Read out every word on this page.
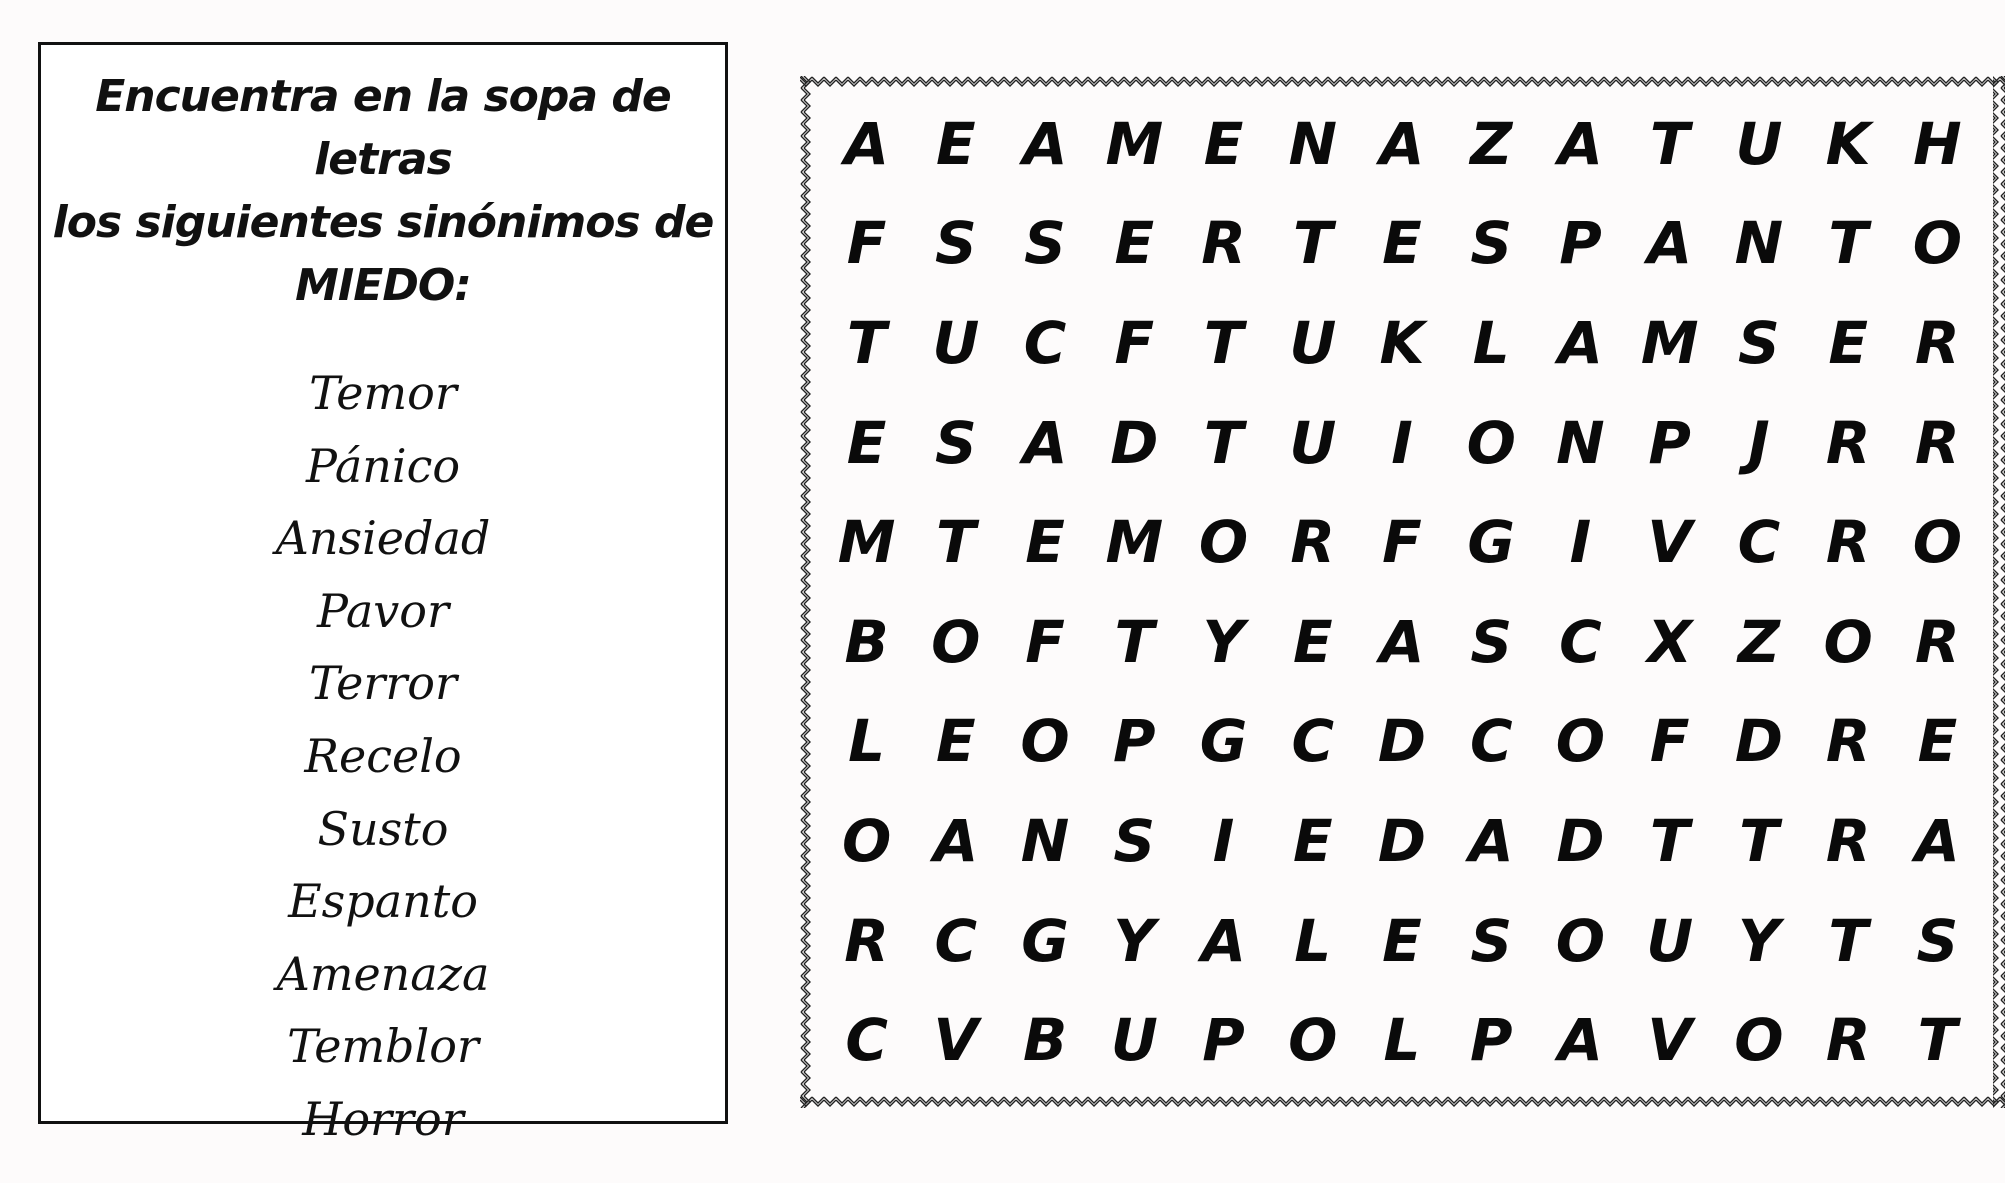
Encuentra en la sopa de letras
los siguientes sinónimos de
MIEDO:
Temor
Pánico
Ansiedad
Pavor
Terror
Recelo
Susto
Espanto
Amenaza
Temblor
Horror
A E A M E N A Z A T U K H
F S S E R T E S P A N T O
T U C F T U K L A M S E R
E S A D T U I O N P J R R
M T E M O R F G I V C R O
B O F T Y E A S C X Z O R
L E O P G C D C O F D R E
O A N S I	E D A D T T R A
R C G Y A L E S O U Y T S
C V B U P O L P A V O R T
